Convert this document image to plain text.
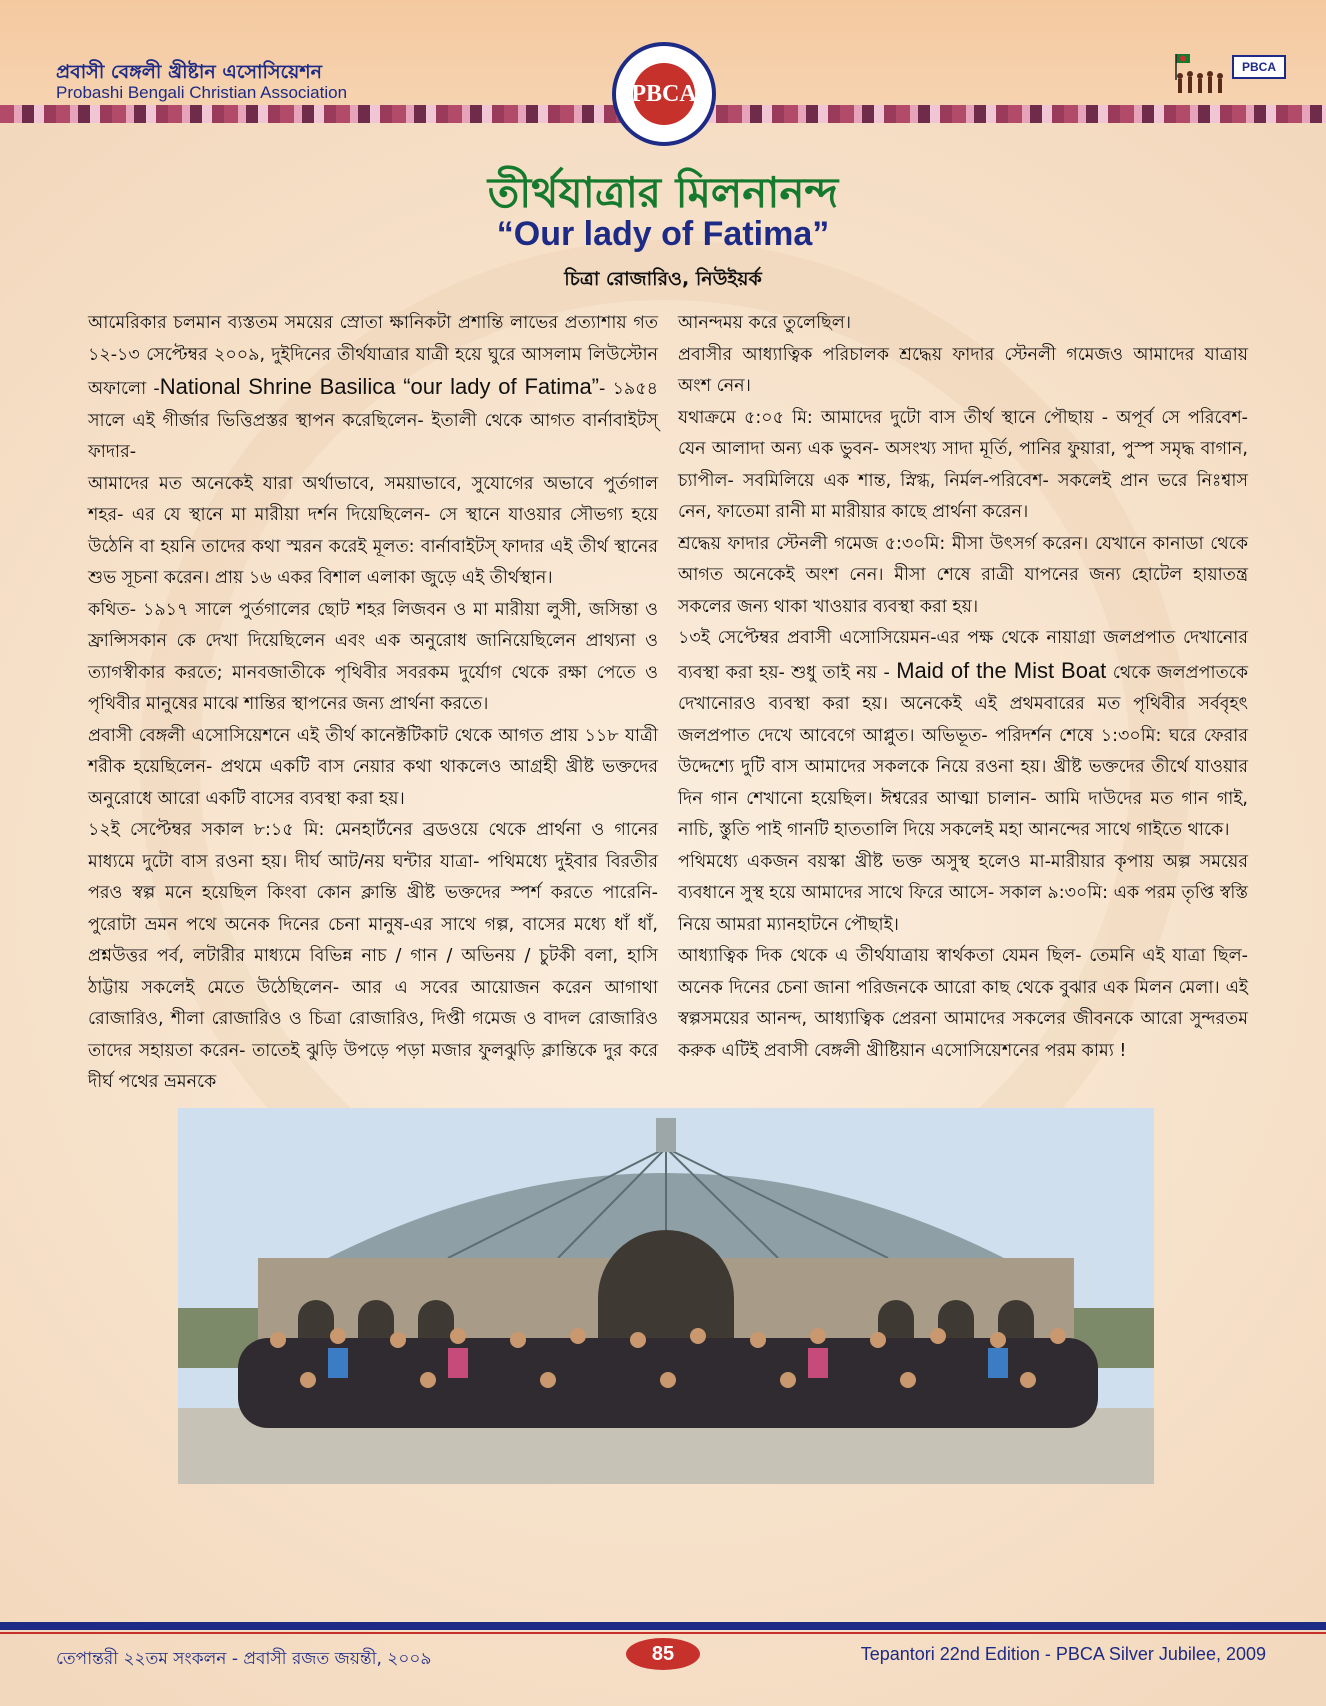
প্রবাসী বেঙ্গলী খ্রীষ্টান এসোসিয়েশন
Probashi Bengali Christian Association	PBCA
PBCA
তীর্থযাত্রার মিলনানন্দ
“Our lady of Fatima”
চিত্রা রোজারিও, নিউইয়র্ক

আমেরিকার চলমান ব্যস্ততম সময়ের স্রোতা ক্ষানিকটা প্রশান্তি লাভের প্রত্যাশায় গত ১২-১৩ সেপ্টেম্বর ২০০৯, দুইদিনের তীর্থযাত্রার যাত্রী হয়ে ঘুরে আসলাম লিউস্টোন অফালো -National Shrine Basilica “our lady of Fatima”- ১৯৫৪ সালে এই গীর্জার ভিত্তিপ্রস্তর স্থাপন করেছিলেন- ইতালী থেকে আগত বার্নাবাইটস্ ফাদার-

আমাদের মত অনেকেই যারা অর্থাভাবে, সময়াভাবে, সুযোগের অভাবে পুর্তগাল শহর- এর যে স্থানে মা মারীয়া দর্শন দিয়েছিলেন- সে স্থানে যাওয়ার সৌভগ্য হয়ে উঠেনি বা হয়নি তাদের কথা স্মরন করেই মূলত: বার্নাবাইটস্ ফাদার এই তীর্থ স্থানের শুভ সূচনা করেন। প্রায় ১৬ একর বিশাল এলাকা জুড়ে এই তীর্থস্থান।

কথিত- ১৯১৭ সালে পুর্তগালের ছোট শহর লিজবন ও মা মারীয়া লুসী, জসিন্তা ও ফ্রান্সিসকান কে দেখা দিয়েছিলেন এবং এক অনুরোধ জানিয়েছিলেন প্রাথ্যনা ও ত্যাগস্বীকার করতে; মানবজাতীকে পৃথিবীর সবরকম দুর্যোগ থেকে রক্ষা পেতে ও পৃথিবীর মানুষের মাঝে শান্তির স্থাপনের জন্য প্রার্থনা করতে।

প্রবাসী বেঙ্গলী এসোসিয়েশনে এই তীর্থ কানেক্টটিকাট থেকে আগত প্রায় ১১৮ যাত্রী শরীক হয়েছিলেন- প্রথমে একটি বাস নেয়ার কথা থাকলেও আগ্রহী খ্রীষ্ট ভক্তদের অনুরোধে আরো একটি বাসের ব্যবস্থা করা হয়।

১২ই সেপ্টেম্বর সকাল ৮:১৫ মি: মেনহার্টনের ব্রডওয়ে থেকে প্রার্থনা ও গানের মাধ্যমে দুটো বাস রওনা হয়। দীর্ঘ আট/নয় ঘন্টার যাত্রা- পথিমধ্যে দুইবার বিরতীর পরও স্বল্প মনে হয়েছিল কিংবা কোন ক্লান্তি খ্রীষ্ট ভক্তদের স্পর্শ করতে পারেনি- পুরোটা ভ্রমন পথে অনেক দিনের চেনা মানুষ-এর সাথে গল্প, বাসের মধ্যে ধাঁ ধাঁ, প্রশ্নউত্তর পর্ব, লটারীর মাধ্যমে বিভিন্ন নাচ / গান / অভিনয় / চুটকী বলা, হাসি ঠাট্টায় সকলেই মেতে উঠেছিলেন- আর এ সবের আয়োজন করেন আগাথা রোজারিও, শীলা রোজারিও ও চিত্রা রোজারিও, দিপ্তী গমেজ ও বাদল রোজারিও তাদের সহায়তা করেন- তাতেই ঝুড়ি উপড়ে পড়া মজার ফুলঝুড়ি ক্লান্তিকে দুর করে দীর্ঘ পথের ভ্রমনকে

আনন্দময় করে তুলেছিল।

প্রবাসীর আধ্যাত্বিক পরিচালক শ্রদ্ধেয় ফাদার স্টেনলী গমেজও আমাদের যাত্রায় অংশ নেন।

যথাক্রমে ৫:০৫ মি: আমাদের দুটো বাস তীর্থ স্থানে পৌছায় - অপূর্ব সে পরিবেশ- যেন আলাদা অন্য এক ভুবন- অসংখ্য সাদা মূর্তি, পানির ফুয়ারা, পুস্প সমৃদ্ধ বাগান, চ্যাপীল- সবমিলিয়ে এক শান্ত, স্নিগ্ধ, নির্মল-পরিবেশ- সকলেই প্রান ভরে নিঃশ্বাস নেন, ফাতেমা রানী মা মারীয়ার কাছে প্রার্থনা করেন।

শ্রদ্ধেয় ফাদার স্টেনলী গমেজ ৫:৩০মি: মীসা উৎসর্গ করেন। যেখানে কানাডা থেকে আগত অনেকেই অংশ নেন। মীসা শেষে রাত্রী যাপনের জন্য হোটেল হায়াতন্ত্র সকলের জন্য থাকা খাওয়ার ব্যবস্থা করা হয়।

১৩ই সেপ্টেম্বর প্রবাসী এসোসিয়েমন-এর পক্ষ থেকে নায়াগ্রা জলপ্রপাত দেখানোর ব্যবস্থা করা হয়- শুধু তাই নয় - Maid of the Mist Boat থেকে জলপ্রপাতকে দেখানোরও ব্যবস্থা করা হয়। অনেকেই এই প্রথমবারের মত পৃথিবীর সর্ববৃহৎ জলপ্রপাত দেখে আবেগে আপ্লুত। অভিভূত- পরিদর্শন শেষে ১:৩০মি: ঘরে ফেরার উদ্দেশ্যে দুটি বাস আমাদের সকলকে নিয়ে রওনা হয়। খ্রীষ্ট ভক্তদের তীর্থে যাওয়ার দিন গান শেখানো হয়েছিল। ঈশ্বরের আত্মা চালান- আমি দাউদের মত গান গাই, নাচি, স্তুতি পাই গানটি হাততালি দিয়ে সকলেই মহা আনন্দের সাথে গাইতে থাকে।

পথিমধ্যে একজন বয়স্কা খ্রীষ্ট ভক্ত অসুস্থ হলেও মা-মারীয়ার কৃপায় অল্প সময়ের ব্যবধানে সুস্থ হয়ে আমাদের সাথে ফিরে আসে- সকাল ৯:৩০মি: এক পরম তৃপ্তি স্বস্তি নিয়ে আমরা ম্যানহাটনে পৌছাই।

আধ্যাত্বিক দিক থেকে এ তীর্থযাত্রায় স্বার্থকতা যেমন ছিল- তেমনি এই যাত্রা ছিল- অনেক দিনের চেনা জানা পরিজনকে আরো কাছ থেকে বুঝার এক মিলন মেলা। এই স্বল্পসময়ের আনন্দ, আধ্যাত্বিক প্রেরনা আমাদের সকলের জীবনকে আরো সুন্দরতম করুক এটিই প্রবাসী বেঙ্গলী খ্রীষ্টিয়ান এসোসিয়েশনের পরম কাম্য !

তেপান্তরী ২২তম সংকলন - প্রবাসী রজত জয়ন্তী, ২০০৯	85	Tepantori 22nd Edition - PBCA Silver Jubilee, 2009
